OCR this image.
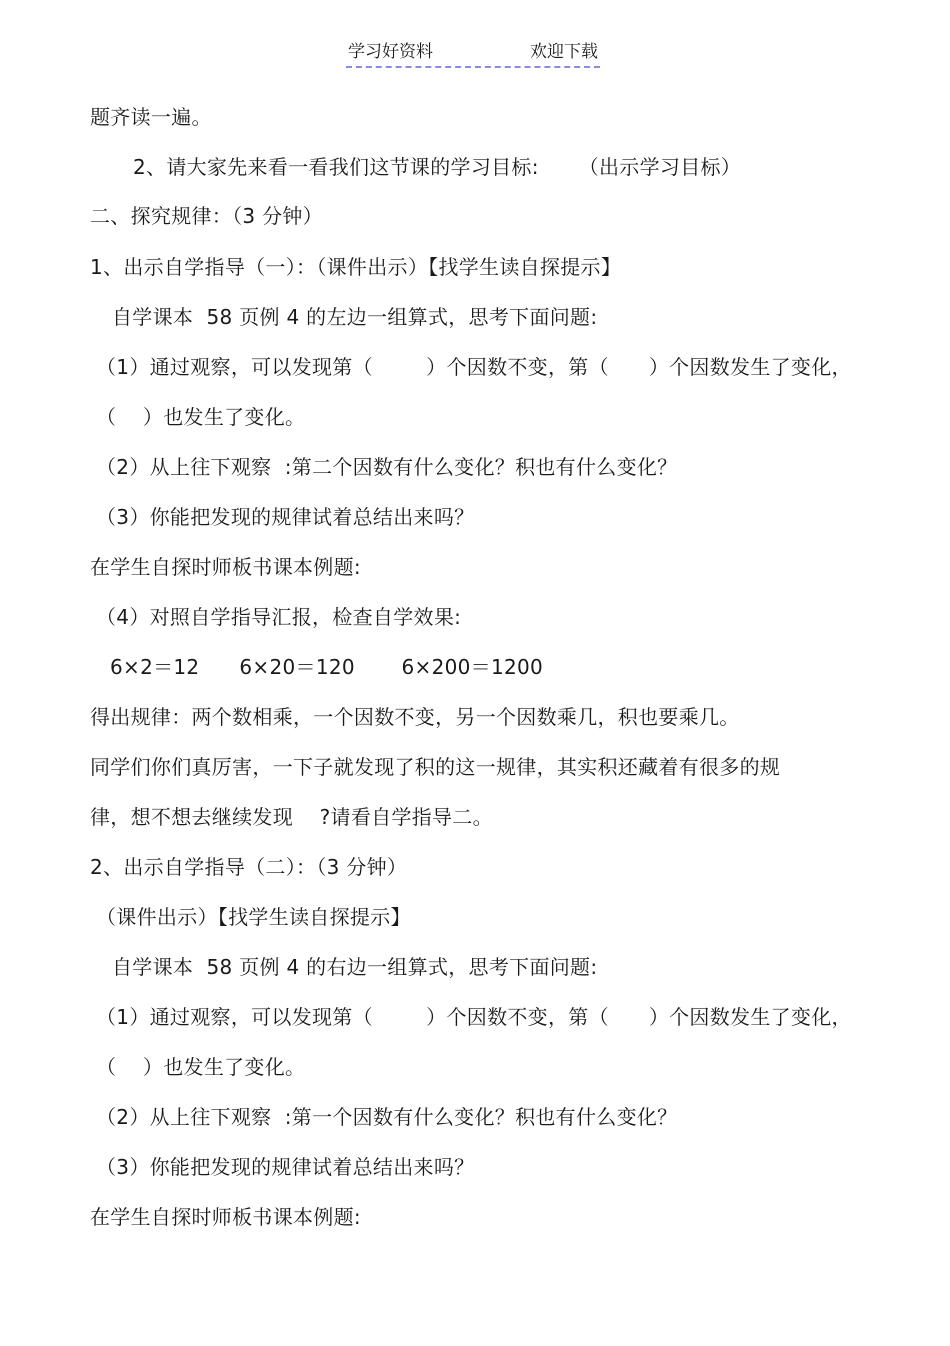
学习好资料	欢迎下载
题齐读一遍。
2、请大家先来看一看我们这节课的学习目标:      （出示学习目标）
二、探究规律：（3 分钟）
1、出示自学指导（一）：（课件出示）【找学生读自探提示】
自学课本  58 页例 4 的左边一组算式，思考下面问题:
（1）通过观察，可以发现第（        ）个因数不变，第（      ）个因数发生了变化，
（    ）也发生了变化。
（2）从上往下观察  :第二个因数有什么变化？积也有什么变化？
（3）你能把发现的规律试着总结出来吗？
在学生自探时师板书课本例题:
（4）对照自学指导汇报，检查自学效果:
6×2＝12      6×20＝120       6×200＝1200
得出规律：两个数相乘，一个因数不变，另一个因数乘几，积也要乘几。
同学们你们真厉害，一下子就发现了积的这一规律，其实积还藏着有很多的规
律，想不想去继续发现    ?请看自学指导二。
2、出示自学指导（二）：（3 分钟）
（课件出示）【找学生读自探提示】
自学课本  58 页例 4 的右边一组算式，思考下面问题:
（1）通过观察，可以发现第（        ）个因数不变，第（      ）个因数发生了变化，
（    ）也发生了变化。
（2）从上往下观察  :第一个因数有什么变化？积也有什么变化？
（3）你能把发现的规律试着总结出来吗？
在学生自探时师板书课本例题:
